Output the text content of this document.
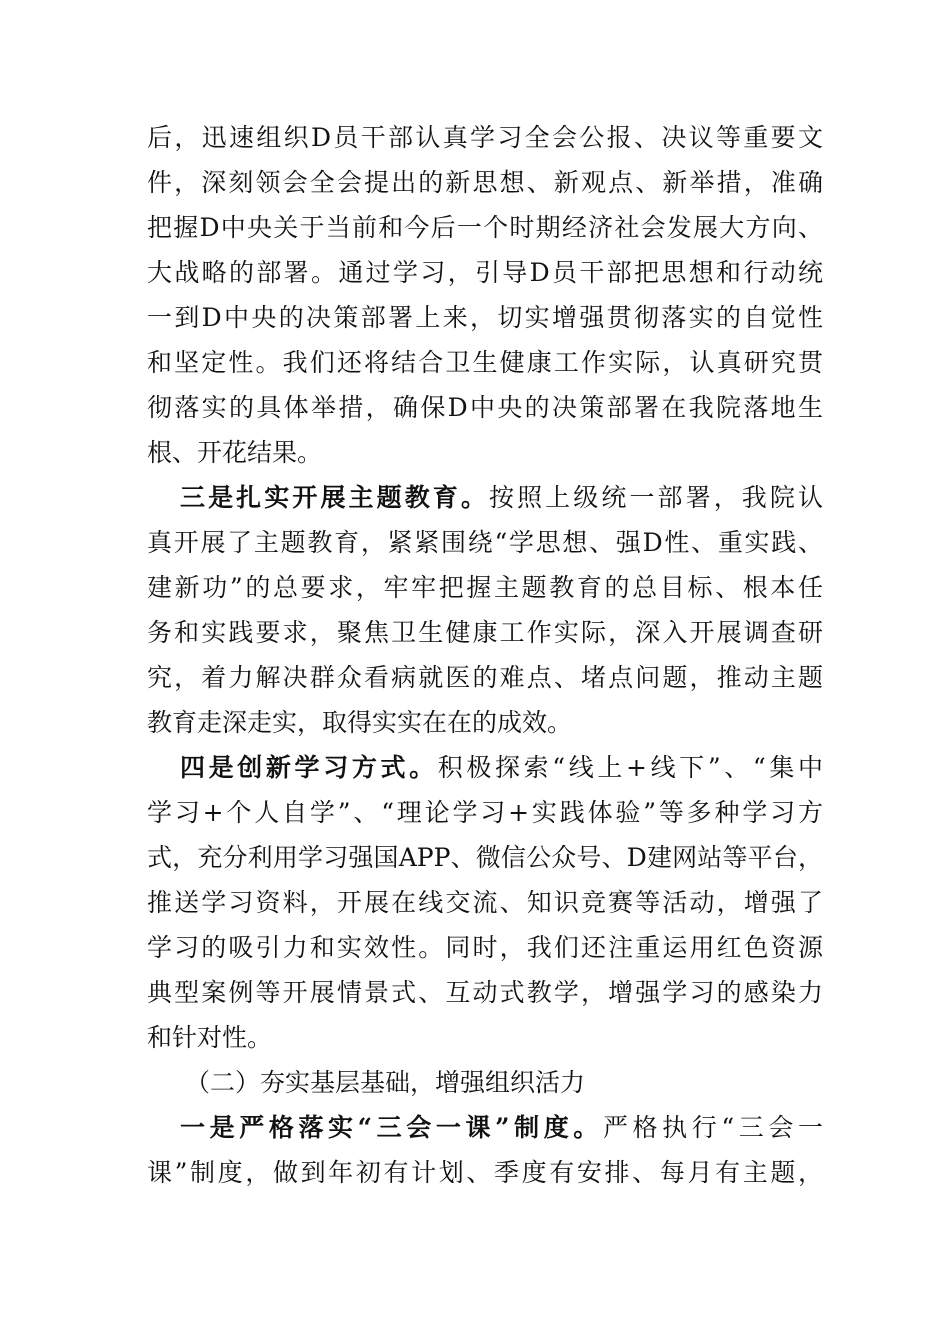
后，迅速组织D员干部认真学习全会公报、决议等重要文
件，深刻领会全会提出的新思想、新观点、新举措，准确
把握D中央关于当前和今后一个时期经济社会发展大方向、
大战略的部署。通过学习，引导D员干部把思想和行动统
一到D中央的决策部署上来，切实增强贯彻落实的自觉性
和坚定性。我们还将结合卫生健康工作实际，认真研究贯
彻落实的具体举措，确保D中央的决策部署在我院落地生
根、开花结果。
三是扎实开展主题教育。按照上级统一部署，我院认
真开展了主题教育，紧紧围绕“学思想、强D性、重实践、
建新功”的总要求，牢牢把握主题教育的总目标、根本任
务和实践要求，聚焦卫生健康工作实际，深入开展调查研
究，着力解决群众看病就医的难点、堵点问题，推动主题
教育走深走实，取得实实在在的成效。
四是创新学习方式。积极探索“线上+线下”、“集中
学习+个人自学”、“理论学习+实践体验”等多种学习方
式，充分利用学习强国APP、微信公众号、D建网站等平台，
推送学习资料，开展在线交流、知识竞赛等活动，增强了
学习的吸引力和实效性。同时，我们还注重运用红色资源
典型案例等开展情景式、互动式教学，增强学习的感染力
和针对性。
（二）夯实基层基础，增强组织活力
一是严格落实“三会一课”制度。严格执行“三会一
课”制度，做到年初有计划、季度有安排、每月有主题，
